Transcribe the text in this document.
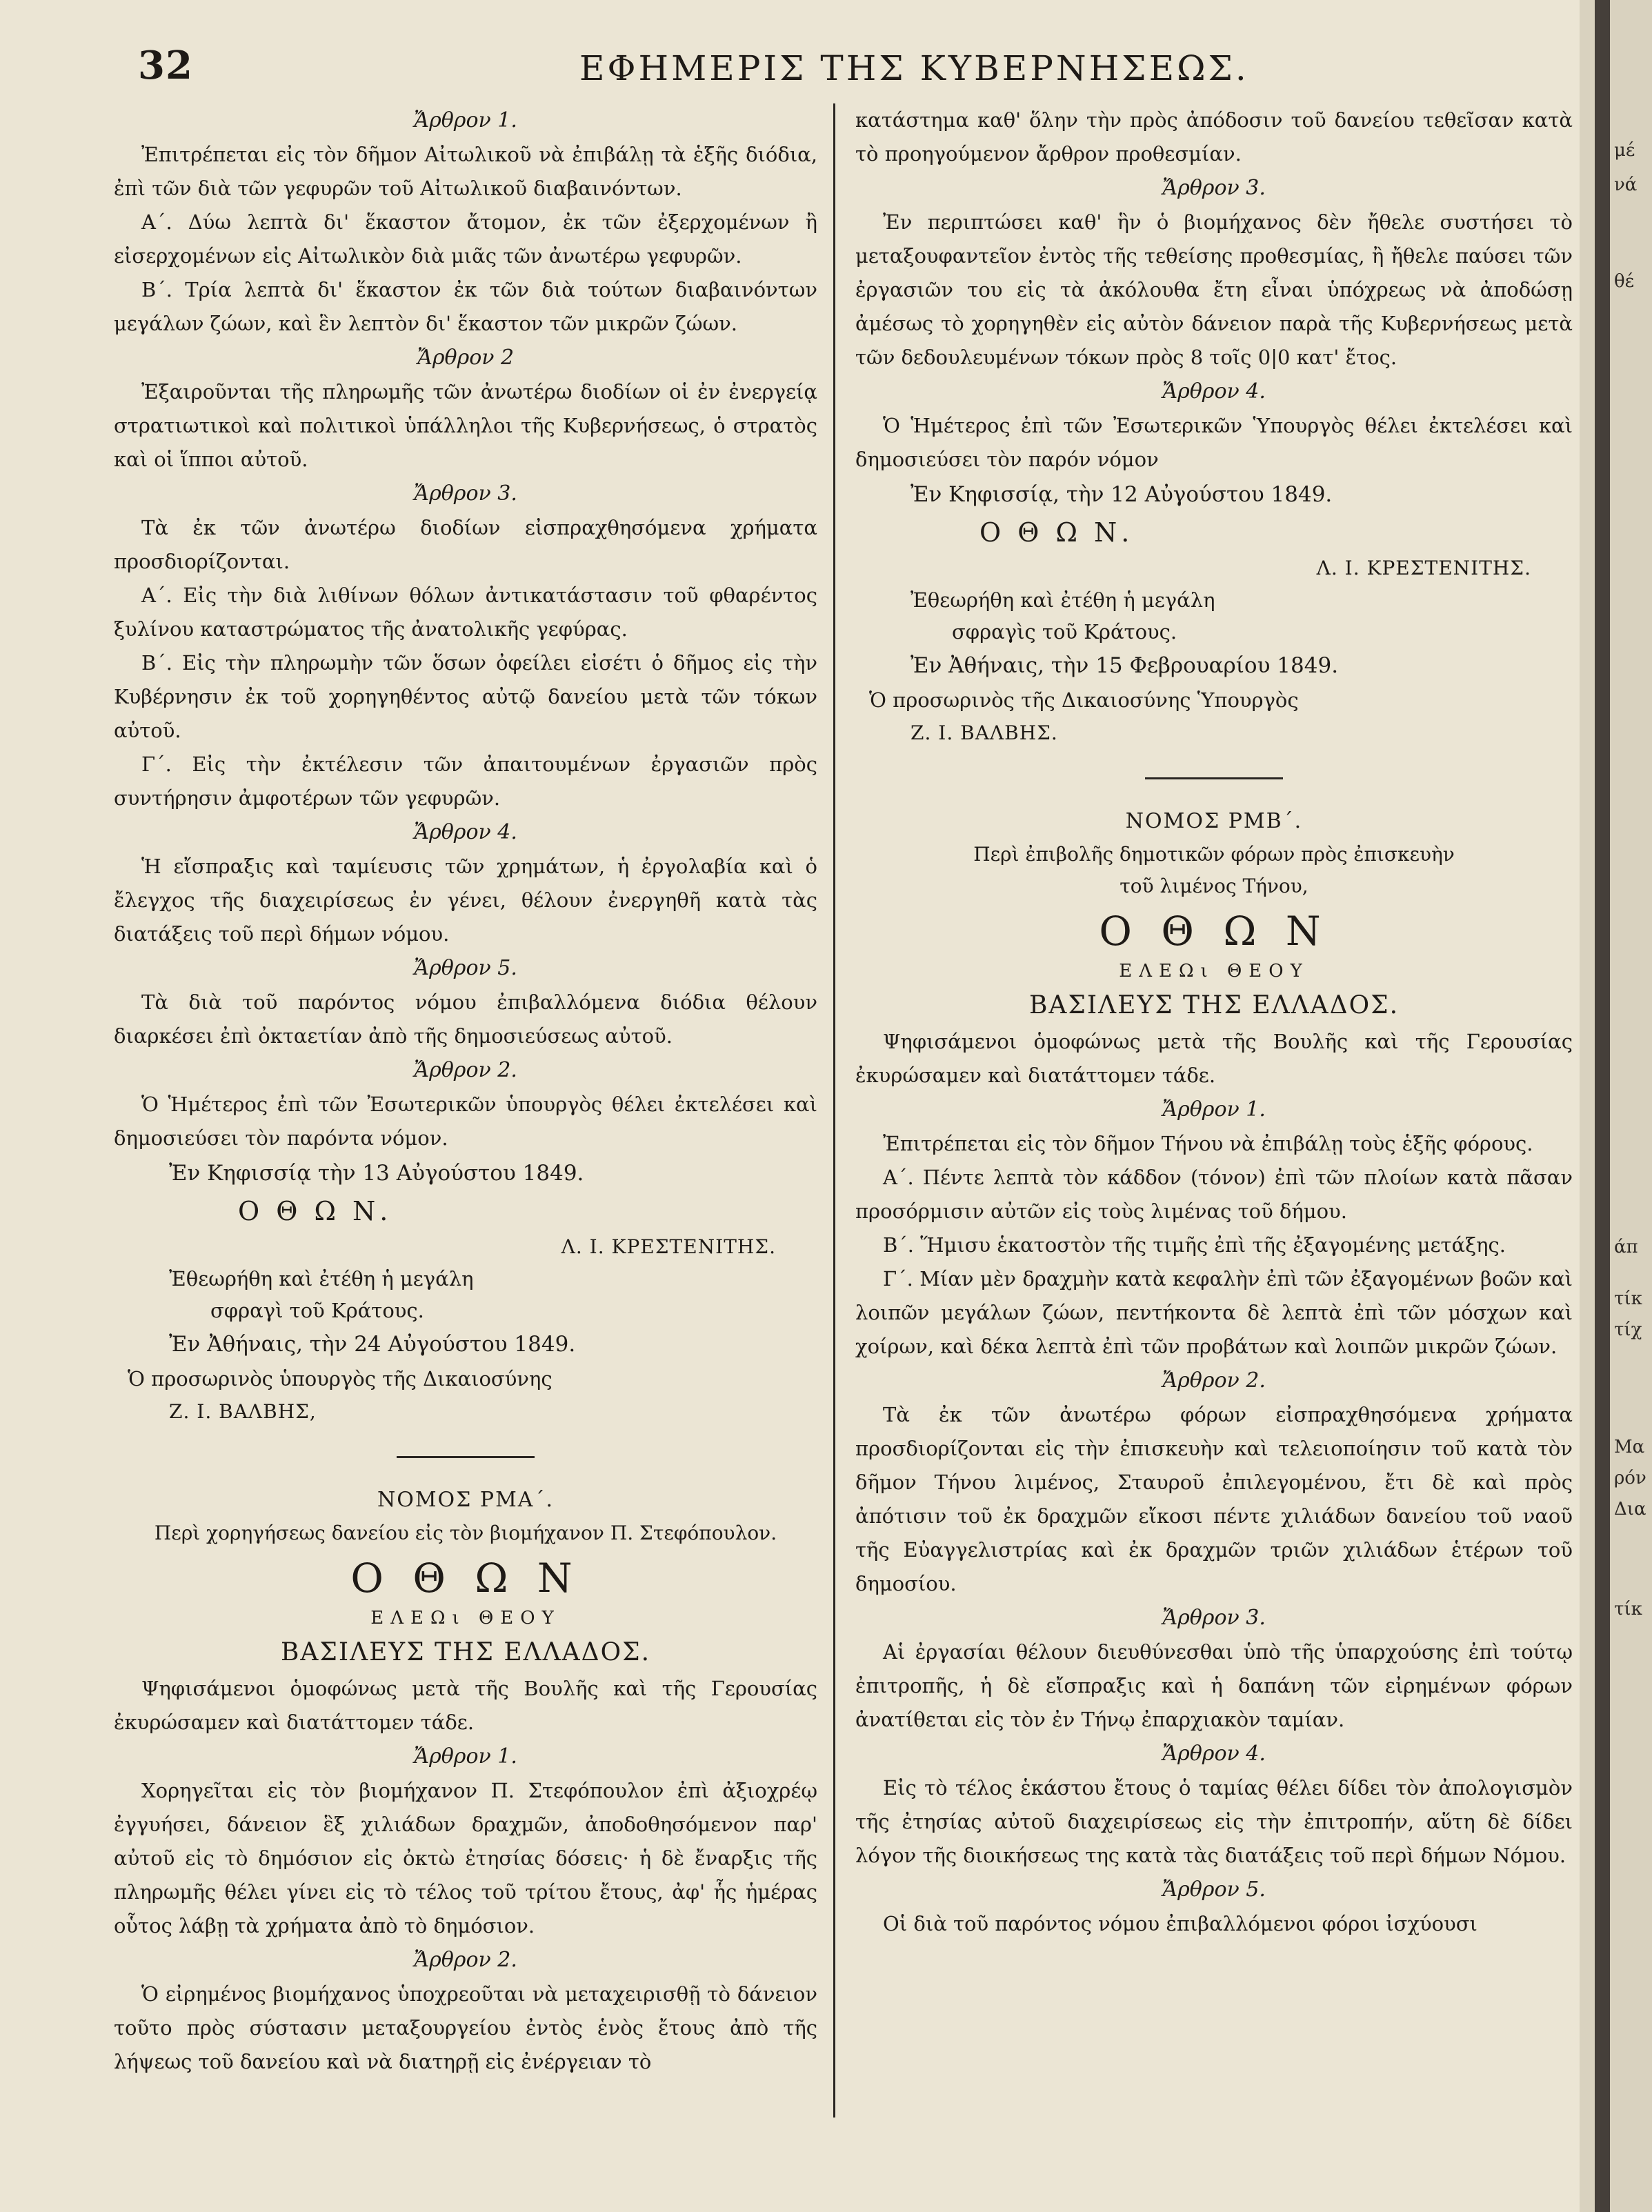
32	ΕΦΗΜΕΡΙΣ ΤΗΣ ΚΥΒΕΡΝΗΣΕΩΣ.

Ἄρθρον 1.

Ἐπιτρέπεται εἰς τὸν δῆμον Αἰτωλικοῦ νὰ ἐπιβάλῃ τὰ ἑξῆς διόδια, ἐπὶ τῶν διὰ τῶν γεφυρῶν τοῦ Αἰτωλικοῦ διαβαινόντων.

Α΄. Δύω λεπτὰ δι' ἕκαστον ἄτομον, ἐκ τῶν ἐξερχομένων ἢ εἰσερχομένων εἰς Αἰτωλικὸν διὰ μιᾶς τῶν ἀνωτέρω γεφυρῶν.

Β΄. Τρία λεπτὰ δι' ἕκαστον ἐκ τῶν διὰ τούτων διαβαινόντων μεγάλων ζώων, καὶ ἓν λεπτὸν δι' ἕκαστον τῶν μικρῶν ζώων.

Ἄρθρον 2

Ἐξαιροῦνται τῆς πληρωμῆς τῶν ἀνωτέρω διοδίων οἱ ἐν ἐνεργείᾳ στρατιωτικοὶ καὶ πολιτικοὶ ὑπάλληλοι τῆς Κυβερνήσεως, ὁ στρατὸς καὶ οἱ ἵπποι αὐτοῦ.

Ἄρθρον 3.

Τὰ ἐκ τῶν ἀνωτέρω διοδίων εἰσπραχθησόμενα χρήματα προσδιορίζονται.

Α΄. Εἰς τὴν διὰ λιθίνων θόλων ἀντικατάστασιν τοῦ φθαρέντος ξυλίνου καταστρώματος τῆς ἀνατολικῆς γεφύρας.

Β΄. Εἰς τὴν πληρωμὴν τῶν ὅσων ὀφείλει εἰσέτι ὁ δῆμος εἰς τὴν Κυβέρνησιν ἐκ τοῦ χορηγηθέντος αὐτῷ δανείου μετὰ τῶν τόκων αὐτοῦ.

Γ΄. Εἰς τὴν ἐκτέλεσιν τῶν ἀπαιτουμένων ἐργασιῶν πρὸς συντήρησιν ἀμφοτέρων τῶν γεφυρῶν.

Ἄρθρον 4.

Ἡ εἴσπραξις καὶ ταμίευσις τῶν χρημάτων, ἡ ἐργολαβία καὶ ὁ ἔλεγχος τῆς διαχειρίσεως ἐν γένει, θέλουν ἐνεργηθῆ κατὰ τὰς διατάξεις τοῦ περὶ δήμων νόμου.

Ἄρθρον 5.

Τὰ διὰ τοῦ παρόντος νόμου ἐπιβαλλόμενα διόδια θέλουν διαρκέσει ἐπὶ ὀκταετίαν ἀπὸ τῆς δημοσιεύσεως αὐτοῦ.

Ἄρθρον 2.

Ὁ Ἡμέτερος ἐπὶ τῶν Ἐσωτερικῶν ὑπουργὸς θέλει ἐκτελέσει καὶ δημοσιεύσει τὸν παρόντα νόμον.

Ἐν Κηφισσίᾳ τὴν 13 Αὐγούστου 1849.

Ο Θ Ω Ν.

Λ. Ι. ΚΡΕΣΤΕΝΙΤΗΣ.

Ἐθεωρήθη καὶ ἐτέθη ἡ μεγάλη

σφραγὶ τοῦ Κράτους.

Ἐν Ἀθήναις, τὴν 24 Αὐγούστου 1849.

Ὁ προσωρινὸς ὑπουργὸς τῆς Δικαιοσύνης

Ζ. Ι. ΒΑΛΒΗΣ,

ΝΟΜΟΣ ΡΜΑ΄.

Περὶ χορηγήσεως δανείου εἰς τὸν βιομήχανον Π. Στεφόπουλον.

Ο Θ Ω Ν

ΕΛΕΩι ΘΕΟΥ

ΒΑΣΙΛΕΥΣ ΤΗΣ ΕΛΛΑΔΟΣ.

Ψηφισάμενοι ὁμοφώνως μετὰ τῆς Βουλῆς καὶ τῆς Γερουσίας ἐκυρώσαμεν καὶ διατάττομεν τάδε.

Ἄρθρον 1.

Χορηγεῖται εἰς τὸν βιομήχανον Π. Στεφόπουλον ἐπὶ ἀξιοχρέῳ ἐγγυήσει, δάνειον ἓξ χιλιάδων δραχμῶν, ἀποδοθησόμενον παρ' αὐτοῦ εἰς τὸ δημόσιον εἰς ὀκτὼ ἐτησίας δόσεις· ἡ δὲ ἔναρξις τῆς πληρωμῆς θέλει γίνει εἰς τὸ τέλος τοῦ τρίτου ἔτους, ἀφ' ἧς ἡμέρας οὗτος λάβῃ τὰ χρήματα ἀπὸ τὸ δημόσιον.

Ἄρθρον 2.

Ὁ εἰρημένος βιομήχανος ὑποχρεοῦται νὰ μεταχειρισθῇ τὸ δάνειον τοῦτο πρὸς σύστασιν μεταξουργείου ἐντὸς ἑνὸς ἔτους ἀπὸ τῆς λήψεως τοῦ δανείου καὶ νὰ διατηρῇ εἰς ἐνέργειαν τὸ

κατάστημα καθ' ὅλην τὴν πρὸς ἀπόδοσιν τοῦ δανείου τεθεῖσαν κατὰ τὸ προηγούμενον ἄρθρον προθεσμίαν.

Ἄρθρον 3.

Ἐν περιπτώσει καθ' ἣν ὁ βιομήχανος δὲν ἤθελε συστήσει τὸ μεταξουφαντεῖον ἐντὸς τῆς τεθείσης προθεσμίας, ἢ ἤθελε παύσει τῶν ἐργασιῶν του εἰς τὰ ἀκόλουθα ἔτη εἶναι ὑπόχρεως νὰ ἀποδώσῃ ἀμέσως τὸ χορηγηθὲν εἰς αὐτὸν δάνειον παρὰ τῆς Κυβερνήσεως μετὰ τῶν δεδουλευμένων τόκων πρὸς 8 τοῖς 0|0 κατ' ἔτος.

Ἄρθρον 4.

Ὁ Ἡμέτερος ἐπὶ τῶν Ἐσωτερικῶν Ὑπουργὸς θέλει ἐκτελέσει καὶ δημοσιεύσει τὸν παρόν νόμον

Ἐν Κηφισσίᾳ, τὴν 12 Αὐγούστου 1849.

Ο Θ Ω Ν.

Λ. Ι. ΚΡΕΣΤΕΝΙΤΗΣ.

Ἐθεωρήθη καὶ ἐτέθη ἡ μεγάλη

σφραγὶς τοῦ Κράτους.

Ἐν Ἀθήναις, τὴν 15 Φεβρουαρίου 1849.

Ὁ προσωρινὸς τῆς Δικαιοσύνης Ὑπουργὸς

Ζ. Ι. ΒΑΛΒΗΣ.

ΝΟΜΟΣ ΡΜΒ΄.

Περὶ ἐπιβολῆς δημοτικῶν φόρων πρὸς ἐπισκευὴν

τοῦ λιμένος Τήνου,

Ο Θ Ω Ν

ΕΛΕΩι ΘΕΟΥ

ΒΑΣΙΛΕΥΣ ΤΗΣ ΕΛΛΑΔΟΣ.

Ψηφισάμενοι ὁμοφώνως μετὰ τῆς Βουλῆς καὶ τῆς Γερουσίας ἐκυρώσαμεν καὶ διατάττομεν τάδε.

Ἄρθρον 1.

Ἐπιτρέπεται εἰς τὸν δῆμον Τήνου νὰ ἐπιβάλῃ τοὺς ἑξῆς φόρους.

Α΄. Πέντε λεπτὰ τὸν κάδδον (τόνον) ἐπὶ τῶν πλοίων κατὰ πᾶσαν προσόρμισιν αὐτῶν εἰς τοὺς λιμένας τοῦ δήμου.

Β΄. Ἥμισυ ἑκατοστὸν τῆς τιμῆς ἐπὶ τῆς ἐξαγομένης μετάξης.

Γ΄. Μίαν μὲν δραχμὴν κατὰ κεφαλὴν ἐπὶ τῶν ἐξαγομένων βοῶν καὶ λοιπῶν μεγάλων ζώων, πεντήκοντα δὲ λεπτὰ ἐπὶ τῶν μόσχων καὶ χοίρων, καὶ δέκα λεπτὰ ἐπὶ τῶν προβάτων καὶ λοιπῶν μικρῶν ζώων.

Ἄρθρον 2.

Τὰ ἐκ τῶν ἀνωτέρω φόρων εἰσπραχθησόμενα χρήματα προσδιορίζονται εἰς τὴν ἐπισκευὴν καὶ τελειοποίησιν τοῦ κατὰ τὸν δῆμον Τήνου λιμένος, Σταυροῦ ἐπιλεγομένου, ἔτι δὲ καὶ πρὸς ἀπότισιν τοῦ ἐκ δραχμῶν εἴκοσι πέντε χιλιάδων δανείου τοῦ ναοῦ τῆς Εὐαγγελιστρίας καὶ ἐκ δραχμῶν τριῶν χιλιάδων ἑτέρων τοῦ δημοσίου.

Ἄρθρον 3.

Αἱ ἐργασίαι θέλουν διευθύνεσθαι ὑπὸ τῆς ὑπαρχούσης ἐπὶ τούτῳ ἐπιτροπῆς, ἡ δὲ εἴσπραξις καὶ ἡ δαπάνη τῶν εἰρημένων φόρων ἀνατίθεται εἰς τὸν ἐν Τήνῳ ἐπαρχιακὸν ταμίαν.

Ἄρθρον 4.

Εἰς τὸ τέλος ἑκάστου ἔτους ὁ ταμίας θέλει δίδει τὸν ἀπολογισμὸν τῆς ἐτησίας αὐτοῦ διαχειρίσεως εἰς τὴν ἐπιτροπήν, αὕτη δὲ δίδει λόγον τῆς διοικήσεως της κατὰ τὰς διατάξεις τοῦ περὶ δήμων Νόμου.

Ἄρθρον 5.

Οἱ διὰ τοῦ παρόντος νόμου ἐπιβαλλόμενοι φόροι ἰσχύουσι

μέ
νά
θέ
άπ
τίκ
τίχ
Μα
ρόν
Δια
τίκ
